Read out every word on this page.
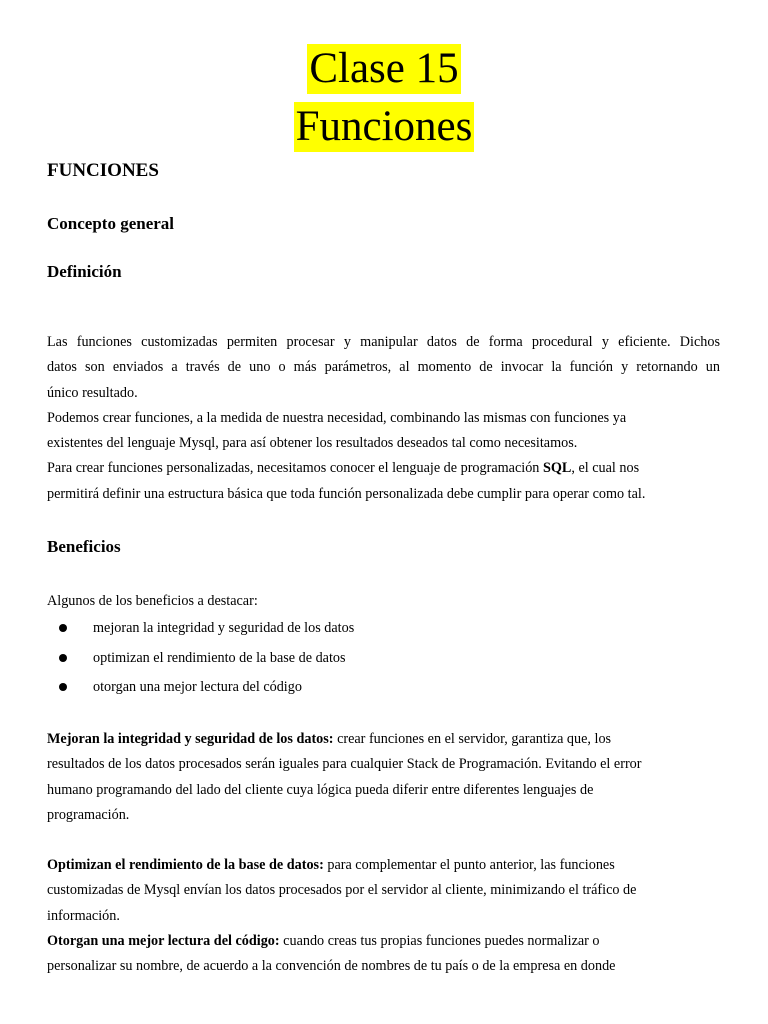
Clase 15
Funciones
FUNCIONES
Concepto general
Definición
Las funciones customizadas permiten procesar y manipular datos de forma procedural y eficiente. Dichos
datos son enviados a través de uno o más parámetros, al momento de invocar la función y retornando un
único resultado.
Podemos crear funciones, a la medida de nuestra necesidad, combinando las mismas con funciones ya
existentes del lenguaje Mysql, para así obtener los resultados deseados tal como necesitamos.
Para crear funciones personalizadas, necesitamos conocer el lenguaje de programación SQL, el cual nos
permitirá definir una estructura básica que toda función personalizada debe cumplir para operar como tal.
Beneficios
Algunos de los beneficios a destacar:
mejoran la integridad y seguridad de los datos
optimizan el rendimiento de la base de datos
otorgan una mejor lectura del código
Mejoran la integridad y seguridad de los datos: crear funciones en el servidor, garantiza que, los
resultados de los datos procesados serán iguales para cualquier Stack de Programación. Evitando el error
humano programando del lado del cliente cuya lógica pueda diferir entre diferentes lenguajes de
programación.
Optimizan el rendimiento de la base de datos: para complementar el punto anterior, las funciones
customizadas de Mysql envían los datos procesados por el servidor al cliente, minimizando el tráfico de
información.
Otorgan una mejor lectura del código: cuando creas tus propias funciones puedes normalizar o
personalizar su nombre, de acuerdo a la convención de nombres de tu país o de la empresa en donde
